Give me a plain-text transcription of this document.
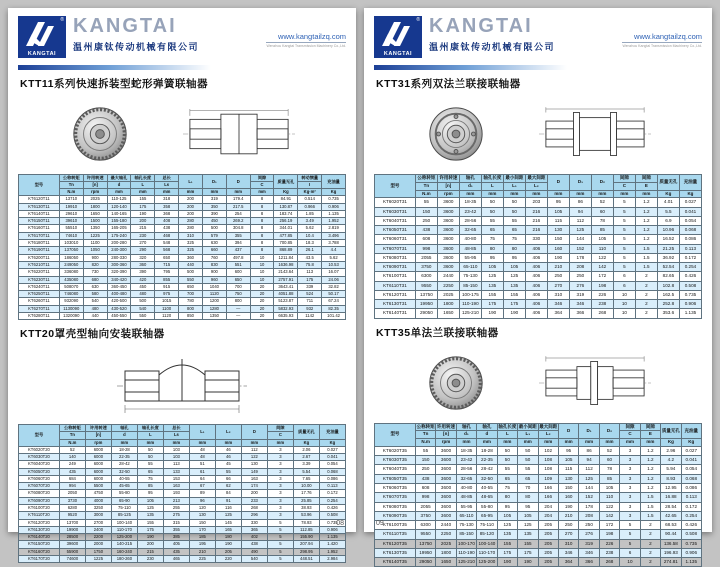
®
KANGTAI
KANGTAI
温州康钛传动机械有限公司
www.kangtailzq.com
Wenzhou Kangtai Transmission Machinery Co.,Ltd.
KTT11系列快速拆装型蛇形弹簧联轴器
型号	公称转矩	许用转速	最大轴孔	轴孔长度	总长	L₁	D₁	D	间隙	质量无孔	转动惯量	充油量
	Tn	[n]	d	L	Ls				C		I	
	N.m	rpm	mm	mm	mm	mm	mm	mm	mm	Kg	Kg·m²	Kg
KT6120T11	13710	2025	110-125	155	318	200	319	179.4	8	84.91	0.514	0.735
KT6130T11	19910	1800	120-140	175	358	200	350	217.5	8	130.87	0.966	0.906
KT6140T11	29610	1650	140-165	190	368	200	390	254	8	183.74	1.85	1.135
KT6150T11	39610	1500	155-180	200	408	280	450	269.2	8	256.19	3.49	1.952
KT6160T11	55510	1350	165-205	215	438	280	500	304.8	8	344.01	5.62	2.819
KT6170T11	74610	1225	175-240	230	468	310	579	355	8	477.85	10.4	3.496
KT6180T11	103010	1100	200-280	270	548	325	630	394	8	700.85	18.3	3.788
KT6190T11	137050	1050	240-300	290	568	325	660	437	8	868.89	26.1	4.4
KT6200T11	186050	900	280-330	320	650	360	760	497.8	10	1211.84	43.5	5.62
KT6210T11	249050	820	300-360	360	715	440	830	551	10	1636.98	75.8	10.53
KT6220T11	336080	730	320-390	390	795	500	900	600	10	2143.64	113	16.07
KT6230T11	435080	680	340-420	420	855	550	960	650	10	2757.91	175	24.06
KT6240T11	508070	630	360-450	450	915	650	1040	700	20	3643.41	339	32.82
KT6250T11	746080	580	400-480	480	975	700	1120	750	20	4051.88	524	50.17
KT6260T11	932090	540	420-500	500	1015	780	1200	800	20	5123.87	711	67.24
KT6270T11	1130090	480	430-520	540	1100	800	1280	—	20	5832.93	932	82.35
KT6280T11	1320090	440	450-550	550	1120	850	1350	—	20	6635.93	1142	101.42
KTT20罩壳型轴向安装联轴器
型号	公称转矩	许用转速	轴孔	轴孔长度	总长	L₁	L₂	D	间隙	质量无孔	充油量
	Tn	[n]	d	L	Ls				C		
	N.m	rpm	mm	mm	mm	mm	mm	mm	mm	Kg	Kg
KT6020T20	52	6000	18-28	50	103	48	46	112	3	2.06	0.027
KT6030T20	140	6000	22-35	50	103	48	46	122	3	2.67	0.041
KT6040T20	249	6000	28-42	55	113	51	45	130	3	3.39	0.054
KT6050T20	435	6000	32-50	65	133	61	55	149	3	5.54	0.068
KT6060T20	684	6000	40-55	75	153	64	66	163	3	7.65	0.086
KT6070T20	994	5500	45-65	85	163	67	62	174	3	10.00	0.113
KT6080T20	2050	4750	55-80	95	193	89	84	200	3	17.76	0.172
KT6090T20	3730	4000	65-90	105	213	96	91	233	3	25.85	0.254
KT6100T20	6280	3250	75-110	125	255	120	116	268	3	38.93	0.426
KT6110T20	9520	3000	85-125	135	275	130	125	296	3	53.96	0.508
KT6120T20	13700	2700	100-140	155	315	150	145	330	5	78.93	0.735
KT6130T20	19900	2400	110-170	175	355	170	165	365	5	112.85	0.906
KT6140T20	28500	2200	125-200	190	385	185	180	402	5	155.90	1.135
KT6150T20	39600	2000	140-215	200	405	195	190	438	5	207.94	1.420
KT6160T20	55900	1750	160-240	215	435	210	205	490	5	298.95	1.952
KT6170T20	74600	1225	180-260	230	465	225	220	540	5	448.51	2.984
08
®
KANGTAI
KANGTAI
温州康钛传动机械有限公司
www.kangtailzq.com
Wenzhou Kangtai Transmission Machinery Co.,Ltd.
KTT31系列双法兰联接联轴器
型号	公称转矩	许用转速	轴孔	轴孔长度	最小间距	最大间距	D	D₁	D₂	间隙	间隙	质量无孔	充油量
	Tn	[n]	d₁	L	L₁	L₂				C	E		
	N.m	rpm	mm	mm	mm	mm	mm	mm	mm	mm	mm	Kg	Kg
KT6020T31	55	3600	18-35	50	50	203	95	86	52	5	1.2	4.01	0.027
KT6030T31	150	3600	23-42	50	50	216	105	94	60	5	1.2	5.5	0.041
KT6040T31	250	3600	28-56	55	55	216	115	112	78	5	1.2	6.9	0.054
KT6050T31	438	3600	32-65	65	65	216	130	125	85	5	1.2	10.96	0.068
KT6060T31	608	3600	40-80	75	75	330	150	144	105	5	1.2	16.52	0.086
KT6070T31	998	3600	48-85	80	80	406	160	152	110	5	1.5	21.25	0.113
KT6080T31	2055	3600	55-95	95	95	406	190	178	122	5	1.5	36.92	0.172
KT6090T31	3750	3600	65-110	105	105	406	210	208	142	5	1.5	52.54	0.254
KT6100T31	6300	2440	75-130	125	125	406	250	250	172	6	2	82.65	0.426
KT6110T31	9550	2250	85-150	135	135	406	270	276	198	6	2	102.8	0.508
KT6120T31	13750	2025	100-175	155	155	406	310	319	226	10	2	162.5	0.735
KT6130T31	19950	1800	110-190	175	175	406	346	346	238	10	2	252.8	0.906
KT6140T31	29050	1650	125-210	190	190	406	364	366	268	10	2	353.6	1.135
KTT35单法兰联接联轴器
型号	公称转矩	许用转速	轴孔	轴孔	轴孔长度	最小间距	最大间距	D	D₁	D₂	间隙	间隙	质量无孔	充油量
	Tn	[n]	d₁	d	L	L₁	L₂				C	E		
	N.m	rpm	mm	mm	mm	mm	mm	mm	mm	mm	mm	mm	Kg	Kg
KT6020T35	55	3600	18-35	18-28	50	50	102	95	86	52	3	1.2	2.96	0.027
KT6030T35	150	3600	23-42	22-35	50	50	108	105	94	60	3	1.2	4.2	0.041
KT6040T35	250	3600	28-56	28-42	55	55	108	115	112	78	3	1.2	5.94	0.054
KT6050T35	438	3600	32-65	32-50	65	65	109	130	125	85	3	1.2	8.93	0.068
KT6060T35	608	3600	40-80	40-55	75	70	166	150	144	105	3	1.2	12.95	0.086
KT6070T35	998	3600	48-85	48-65	80	80	166	160	152	110	3	1.5	16.88	0.113
KT6080T35	2055	3600	55-95	55-80	95	95	204	190	178	122	3	1.5	28.54	0.172
KT6090T35	3750	3600	65-110	65-95	105	105	204	210	208	142	3	1.5	42.65	0.254
KT6100T35	6300	2440	75-130	75-110	125	125	205	250	250	172	5	2	68.53	0.426
KT6110T35	9550	2250	85-150	85-120	135	135	205	270	276	198	5	2	90.44	0.508
KT6120T35	13750	2025	100-170	100-140	155	155	205	310	319	226	5	2	136.58	0.735
KT6130T35	19950	1800	110-190	110-170	175	175	205	346	346	238	6	2	196.93	0.906
KT6140T35	29050	1650	125-210	125-200	190	190	205	364	366	268	10	2	274.81	1.135
09
